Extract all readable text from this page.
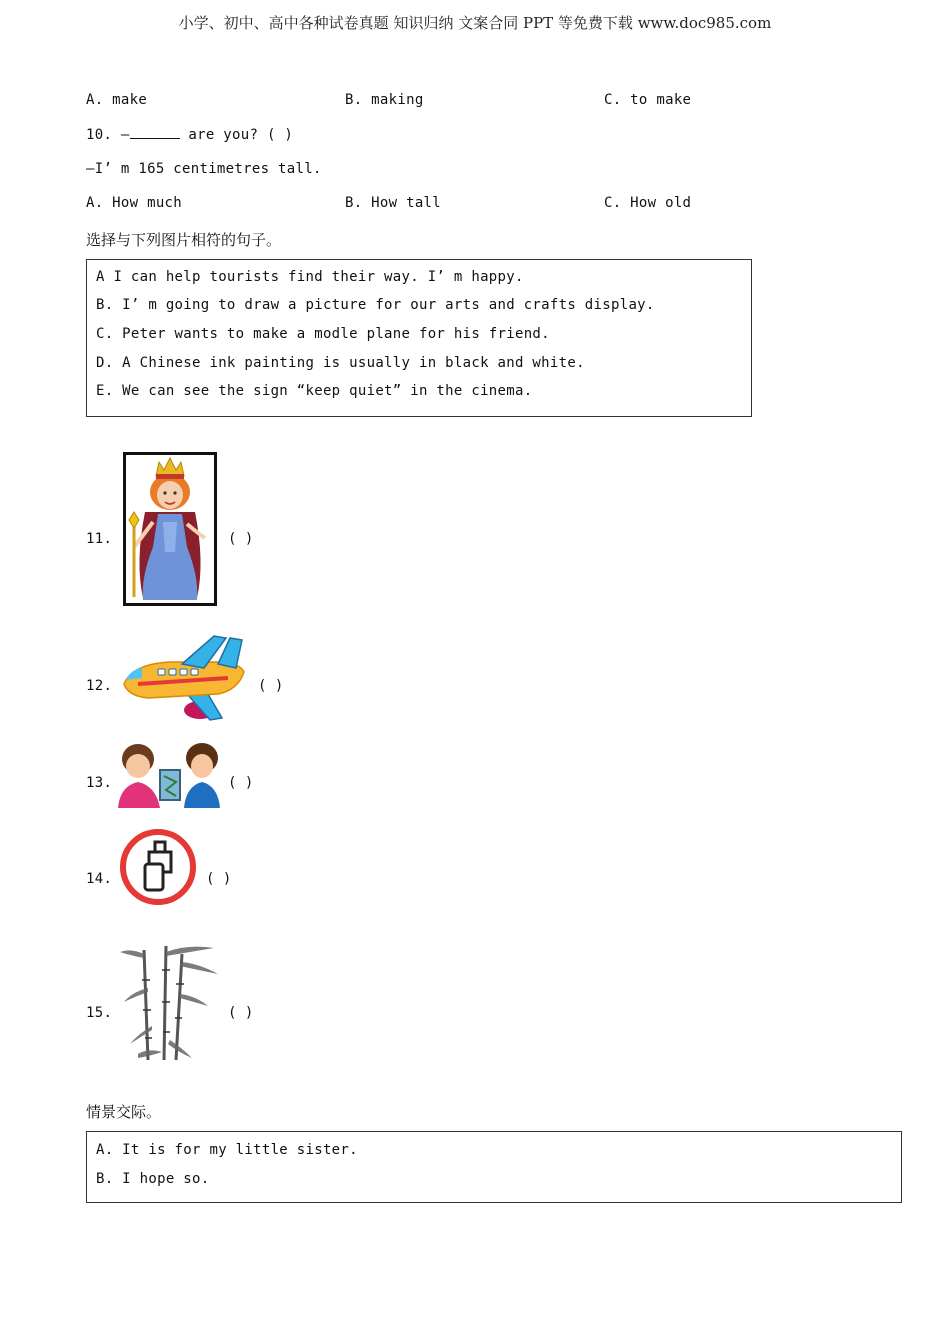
小学、初中、高中各种试卷真题 知识归纳 文案合同 PPT 等免费下载 www.doc985.com
A. make	B. making	C. to make
10. —	are you? ( )
—I’ m 165 centimetres tall.
A. How much	B. How tall	C. How old
选择与下列图片相符的句子。
A I can help tourists find their way. I’ m happy.
B. I’ m going to draw a picture for our arts and crafts display.
C. Peter wants to make a modle plane for his friend.
D. A Chinese ink painting is usually in black and white.
E. We can see the sign “keep quiet” in the cinema.
11.	( )
12.	( )
13.	( )
14.	( )
15.	( )
情景交际。
A. It is for my little sister.
B. I hope so.
